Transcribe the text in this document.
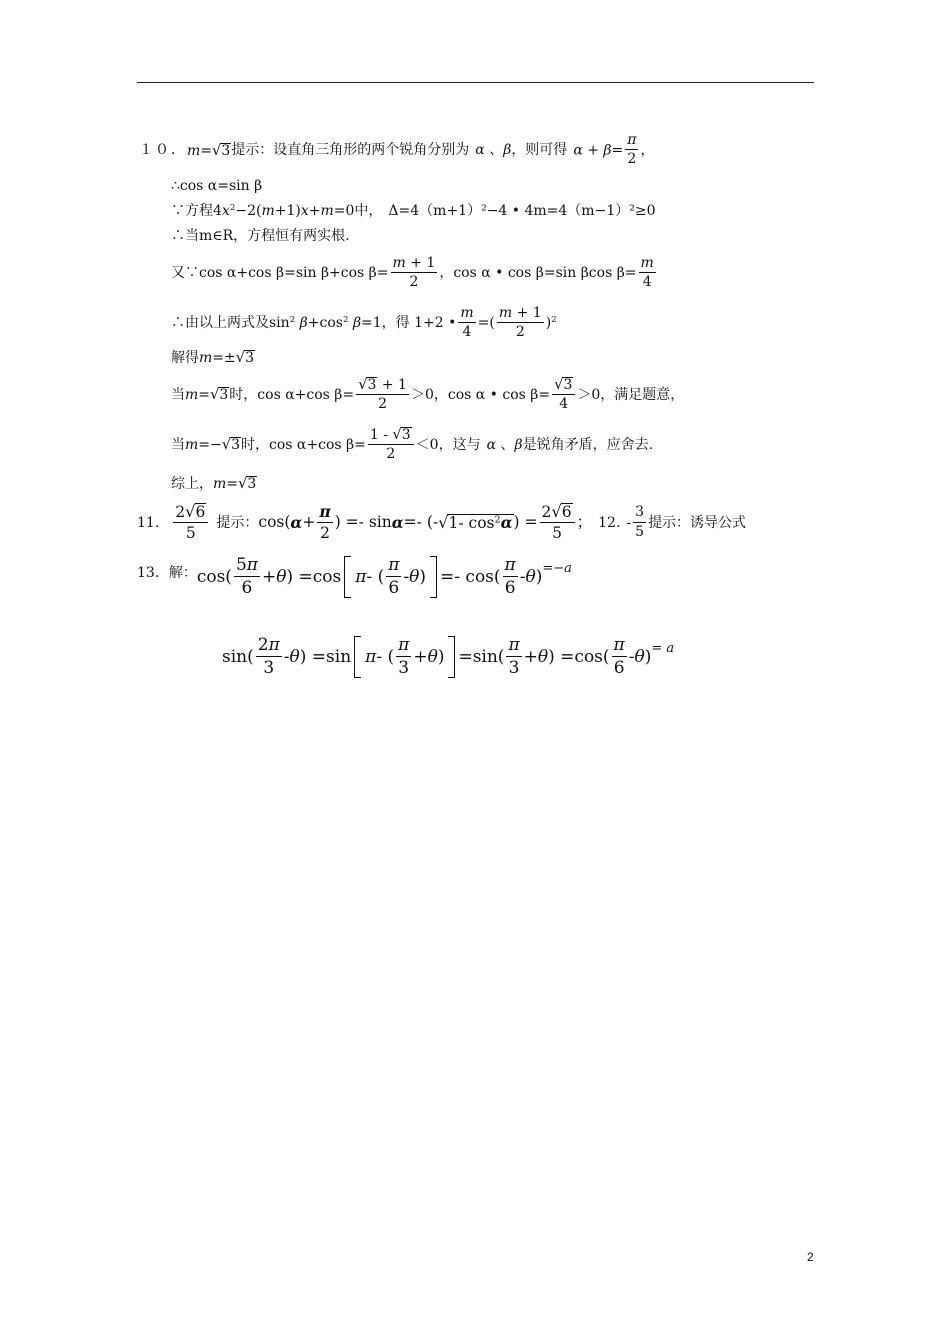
１０． m= √ 3 提示：设直角三角形的两个锐角分别为 α 、β ，则可得 $\alpha + \beta= \frac{\pi}{2}$ ，
∴cos α=sin β
∵方程 $4x^2-2(m+1)x+m=0$ 中， Δ=4（m+1）²−4 • 4m=4（m−1）²≥0
∴当m∈R，方程恒有两实根.
又∵cos α+cos β=sin β+cos $\beta= \frac{m + 1}{2}$ ，cos α • cos β=sin βcos $\beta= \frac{m}{4}$
∴由以上两式及 $\sin^2 \beta+\cos^2$ β =1，得 1+2 • $\frac{m}{4}$ =( $\frac{m + 1}{2} )^2$
解得 m=± √ 3
当 m= √ 3 时，cos α+cos $\beta= \frac{√ 3 + 1}{2} >0$，cos α • $\cos \beta= \frac{√ 3}{4} >0$，满足题意，
当 m=− √ 3 时，cos α+cos $\beta= \frac{1 - √ 3}{2} <0$，这与 α 、β 是锐角矛盾，应舍去.
综上， m= √ 3
11. $\frac{2 √ 6}{5}$ 提示： cos( $\alpha + \frac{\pi}{2}$ ) =- sin α =- (- √ 1- $\cos^2\alpha$ ) = $\frac{2 √ 6}{5}$ ； 12. - $\frac{3}{5}$ 提示：诱导公式
13．解： $\cos( \frac{5\pi}{6} + \theta$ ) =cos π - ( $\frac{\pi}{6}$ - θ )
=- $\cos( \frac{\pi}{6}$ - θ ) =−a
$\sin( \frac{2\pi}{3}$ - θ ) =sin π - ( $\frac{\pi}{3} + \theta$ )
$=\sin( \frac{\pi}{3} + \theta$ ) $=\cos( \frac{\pi}{6} - \theta$ ) = a
2
